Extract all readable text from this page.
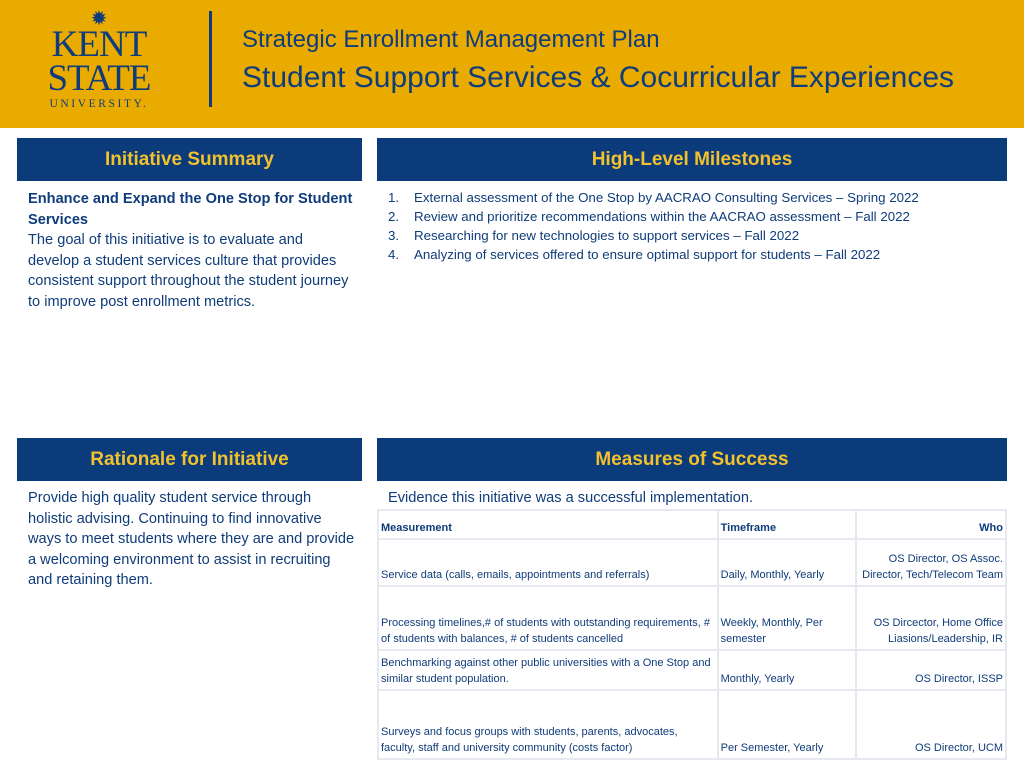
✹
KENT
STATE
UNIVERSITY.
Strategic Enrollment Management Plan
Student Support Services & Cocurricular Experiences
Initiative Summary	High-Level Milestones
Enhance and Expand the One Stop for Student Services
The goal of this initiative is to evaluate and develop a student services culture that provides consistent support throughout the student journey to improve post enrollment metrics.
1.	External assessment of the One Stop by AACRAO Consulting Services – Spring 2022
2.	Review and prioritize recommendations within the AACRAO assessment – Fall 2022
3.	Researching for new technologies to support services – Fall 2022
4.	Analyzing of services offered to ensure optimal support for students – Fall 2022
Rationale for Initiative	Measures of Success
Provide high quality student service through holistic advising. Continuing to find innovative ways to meet students where they are and provide a welcoming environment to assist in recruiting and retaining them.
Evidence this initiative was a successful implementation.
Measurement	Timeframe	Who
Service data (calls, emails, appointments and referrals)	Daily, Monthly, Yearly	OS Director, OS Assoc. Director, Tech/Telecom Team
Processing timelines,# of students with outstanding requirements, # of students with balances, # of students cancelled	Weekly, Monthly, Per semester	OS Dircector, Home Office Liasions/Leadership, IR
Benchmarking against other public universities with a One Stop and similar student population.	Monthly, Yearly	OS Director, ISSP
Surveys and focus groups with students, parents, advocates, faculty, staff and university community (costs factor)	Per Semester, Yearly	OS Director, UCM
